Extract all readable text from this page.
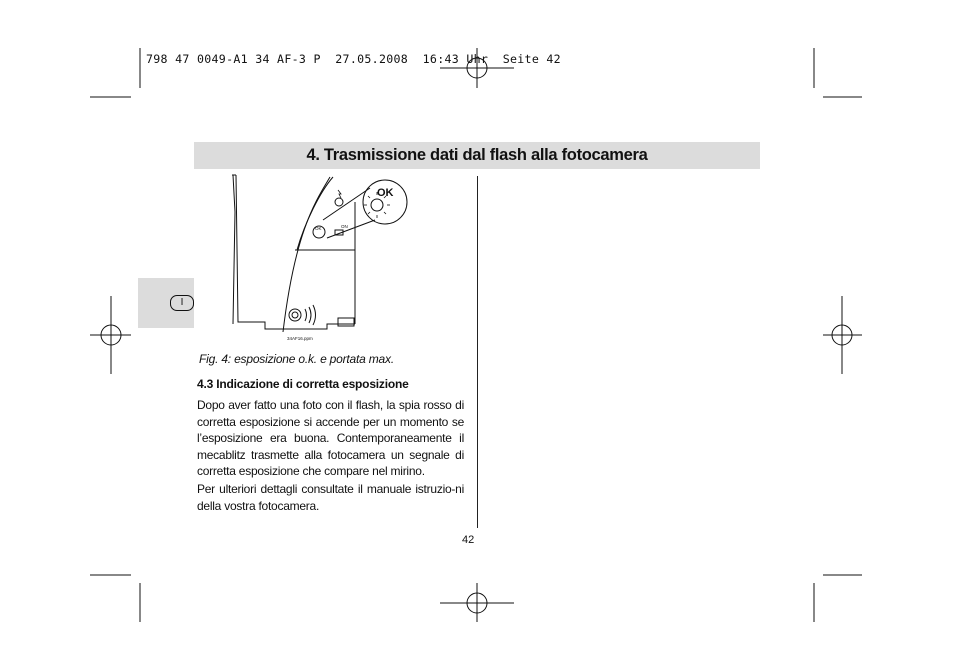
798 47 0049-A1 34 AF-3 P  27.05.2008  16:43 Uhr  Seite 42
4. Trasmissione dati dal flash alla fotocamera
I
OK
OK	ON
34AF16.ppm
Fig. 4: esposizione o.k. e portata max.
4.3 Indicazione di corretta esposizione
Dopo aver fatto una foto con il flash, la spia rosso di corretta esposizione si accende per un momento se l’esposizione era buona. Contemporaneamente il mecablitz trasmette alla fotocamera un segnale di corretta esposizione che compare nel mirino.
Per ulteriori dettagli consultate il manuale istruzio-ni della vostra fotocamera.
42
